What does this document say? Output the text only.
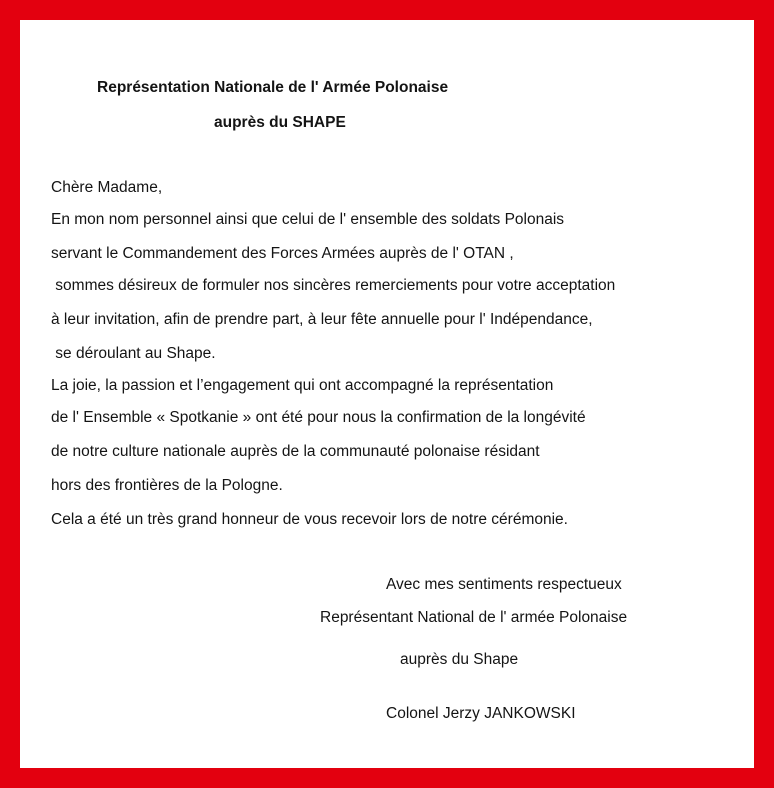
Représentation Nationale de l' Armée Polonaise

auprès du SHAPE

Chère Madame,

En mon nom personnel ainsi que celui de l' ensemble des soldats Polonais

servant le Commandement des Forces Armées auprès de l' OTAN ,

sommes désireux de formuler nos sincères remerciements pour votre acceptation

à leur invitation, afin de prendre part, à leur fête annuelle pour l' Indépendance,

se déroulant au Shape.

La joie, la passion et l’engagement qui ont accompagné la représentation

de l' Ensemble « Spotkanie » ont été pour nous la confirmation de la longévité

de notre culture nationale auprès de la communauté polonaise résidant

hors des frontières de la Pologne.

Cela a été un très grand honneur de vous recevoir lors de notre cérémonie.

Avec mes sentiments respectueux

Représentant National de l' armée Polonaise

auprès du Shape

Colonel Jerzy JANKOWSKI
